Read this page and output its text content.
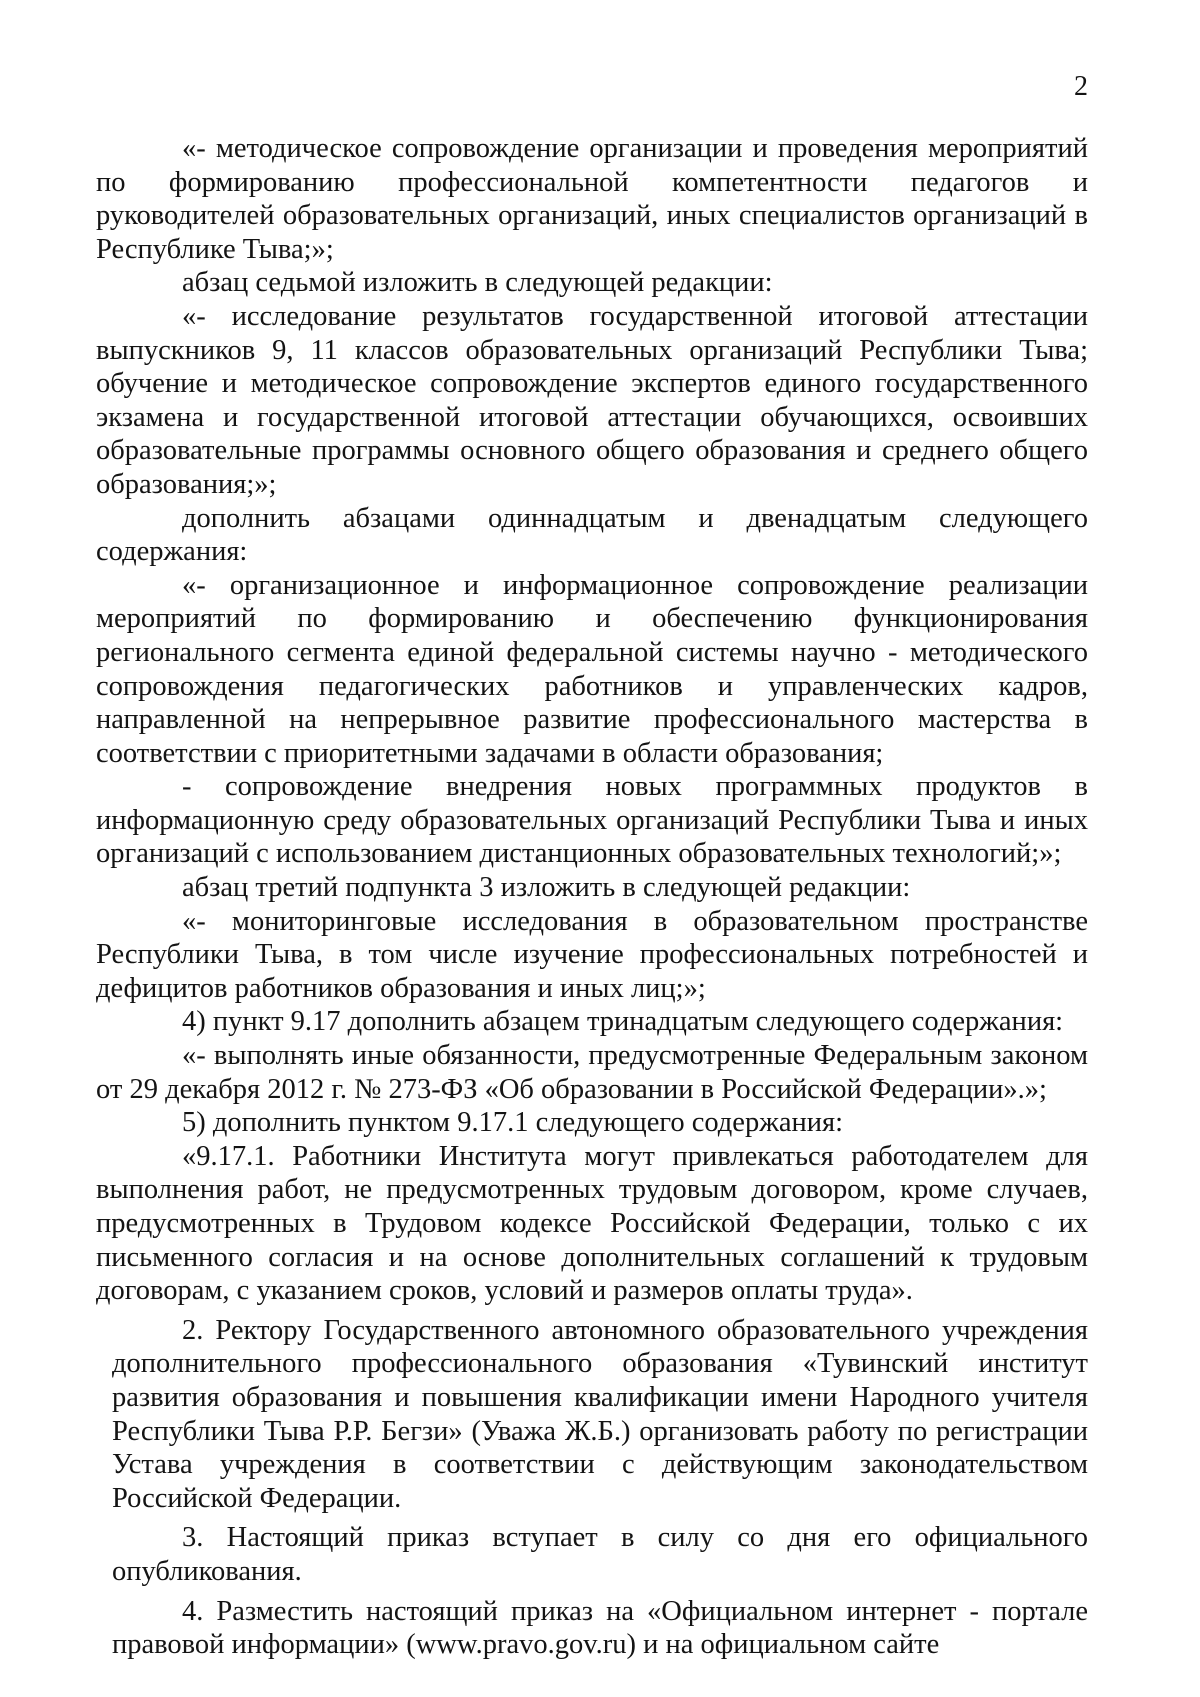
2

«- методическое сопровождение организации и проведения мероприятий по формированию профессиональной компетентности педагогов и руководителей образовательных организаций, иных специалистов организаций в Республике Тыва;»;

абзац седьмой изложить в следующей редакции:

«- исследование результатов государственной итоговой аттестации выпускников 9, 11 классов образовательных организаций Республики Тыва; обучение и методическое сопровождение экспертов единого государственного экзамена и государственной итоговой аттестации обучающихся, освоивших образовательные программы основного общего образования и среднего общего образования;»;

дополнить абзацами одиннадцатым и двенадцатым следующего содержания:

«- организационное и информационное сопровождение реализации мероприятий по формированию и обеспечению функционирования регионального сегмента единой федеральной системы научно - методического сопровождения педагогических работников и управленческих кадров, направленной на непрерывное развитие профессионального мастерства в соответствии с приоритетными задачами в области образования;

- сопровождение внедрения новых программных продуктов в информационную среду образовательных организаций Республики Тыва и иных организаций с использованием дистанционных образовательных технологий;»;

абзац третий подпункта 3 изложить в следующей редакции:

«- мониторинговые исследования в образовательном пространстве Республики Тыва, в том числе изучение профессиональных потребностей и дефицитов работников образования и иных лиц;»;

4) пункт 9.17 дополнить абзацем тринадцатым следующего содержания:

«- выполнять иные обязанности, предусмотренные Федеральным законом от 29 декабря 2012 г. № 273-ФЗ «Об образовании в Российской Федерации».»;

5) дополнить пунктом 9.17.1 следующего содержания:

«9.17.1. Работники Института могут привлекаться работодателем для выполнения работ, не предусмотренных трудовым договором, кроме случаев, предусмотренных в Трудовом кодексе Российской Федерации, только с их письменного согласия и на основе дополнительных соглашений к трудовым договорам, с указанием сроков, условий и размеров оплаты труда».

2. Ректору Государственного автономного образовательного учреждения дополнительного профессионального образования «Тувинский институт развития образования и повышения квалификации имени Народного учителя Республики Тыва Р.Р. Бегзи» (Уважа Ж.Б.) организовать работу по регистрации Устава учреждения в соответствии с действующим законодательством Российской Федерации.

3. Настоящий приказ вступает в силу со дня его официального опубликования.

4. Разместить настоящий приказ на «Официальном интернет - портале правовой информации» (www.pravo.gov.ru) и на официальном сайте
